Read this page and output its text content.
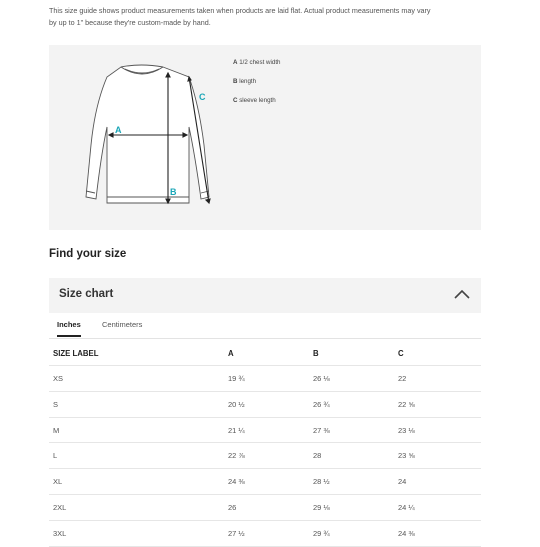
This size guide shows product measurements taken when products are laid flat. Actual product measurements may vary
by up to 1" because they're custom-made by hand.
A
B
C
A 1/2 chest width
B length
C sleeve length
Find your size
Size chart
Inches	Centimeters
SIZE LABEL	A	B	C
XS	19 ¾	26 ⅛	22
S	20 ½	26 ¾	22 ⅝
M	21 ¼	27 ⅜	23 ⅛
L	22 ⅞	28	23 ⅝
XL	24 ⅜	28 ½	24
2XL	26	29 ⅛	24 ¼
3XL	27 ½	29 ¾	24 ⅜
